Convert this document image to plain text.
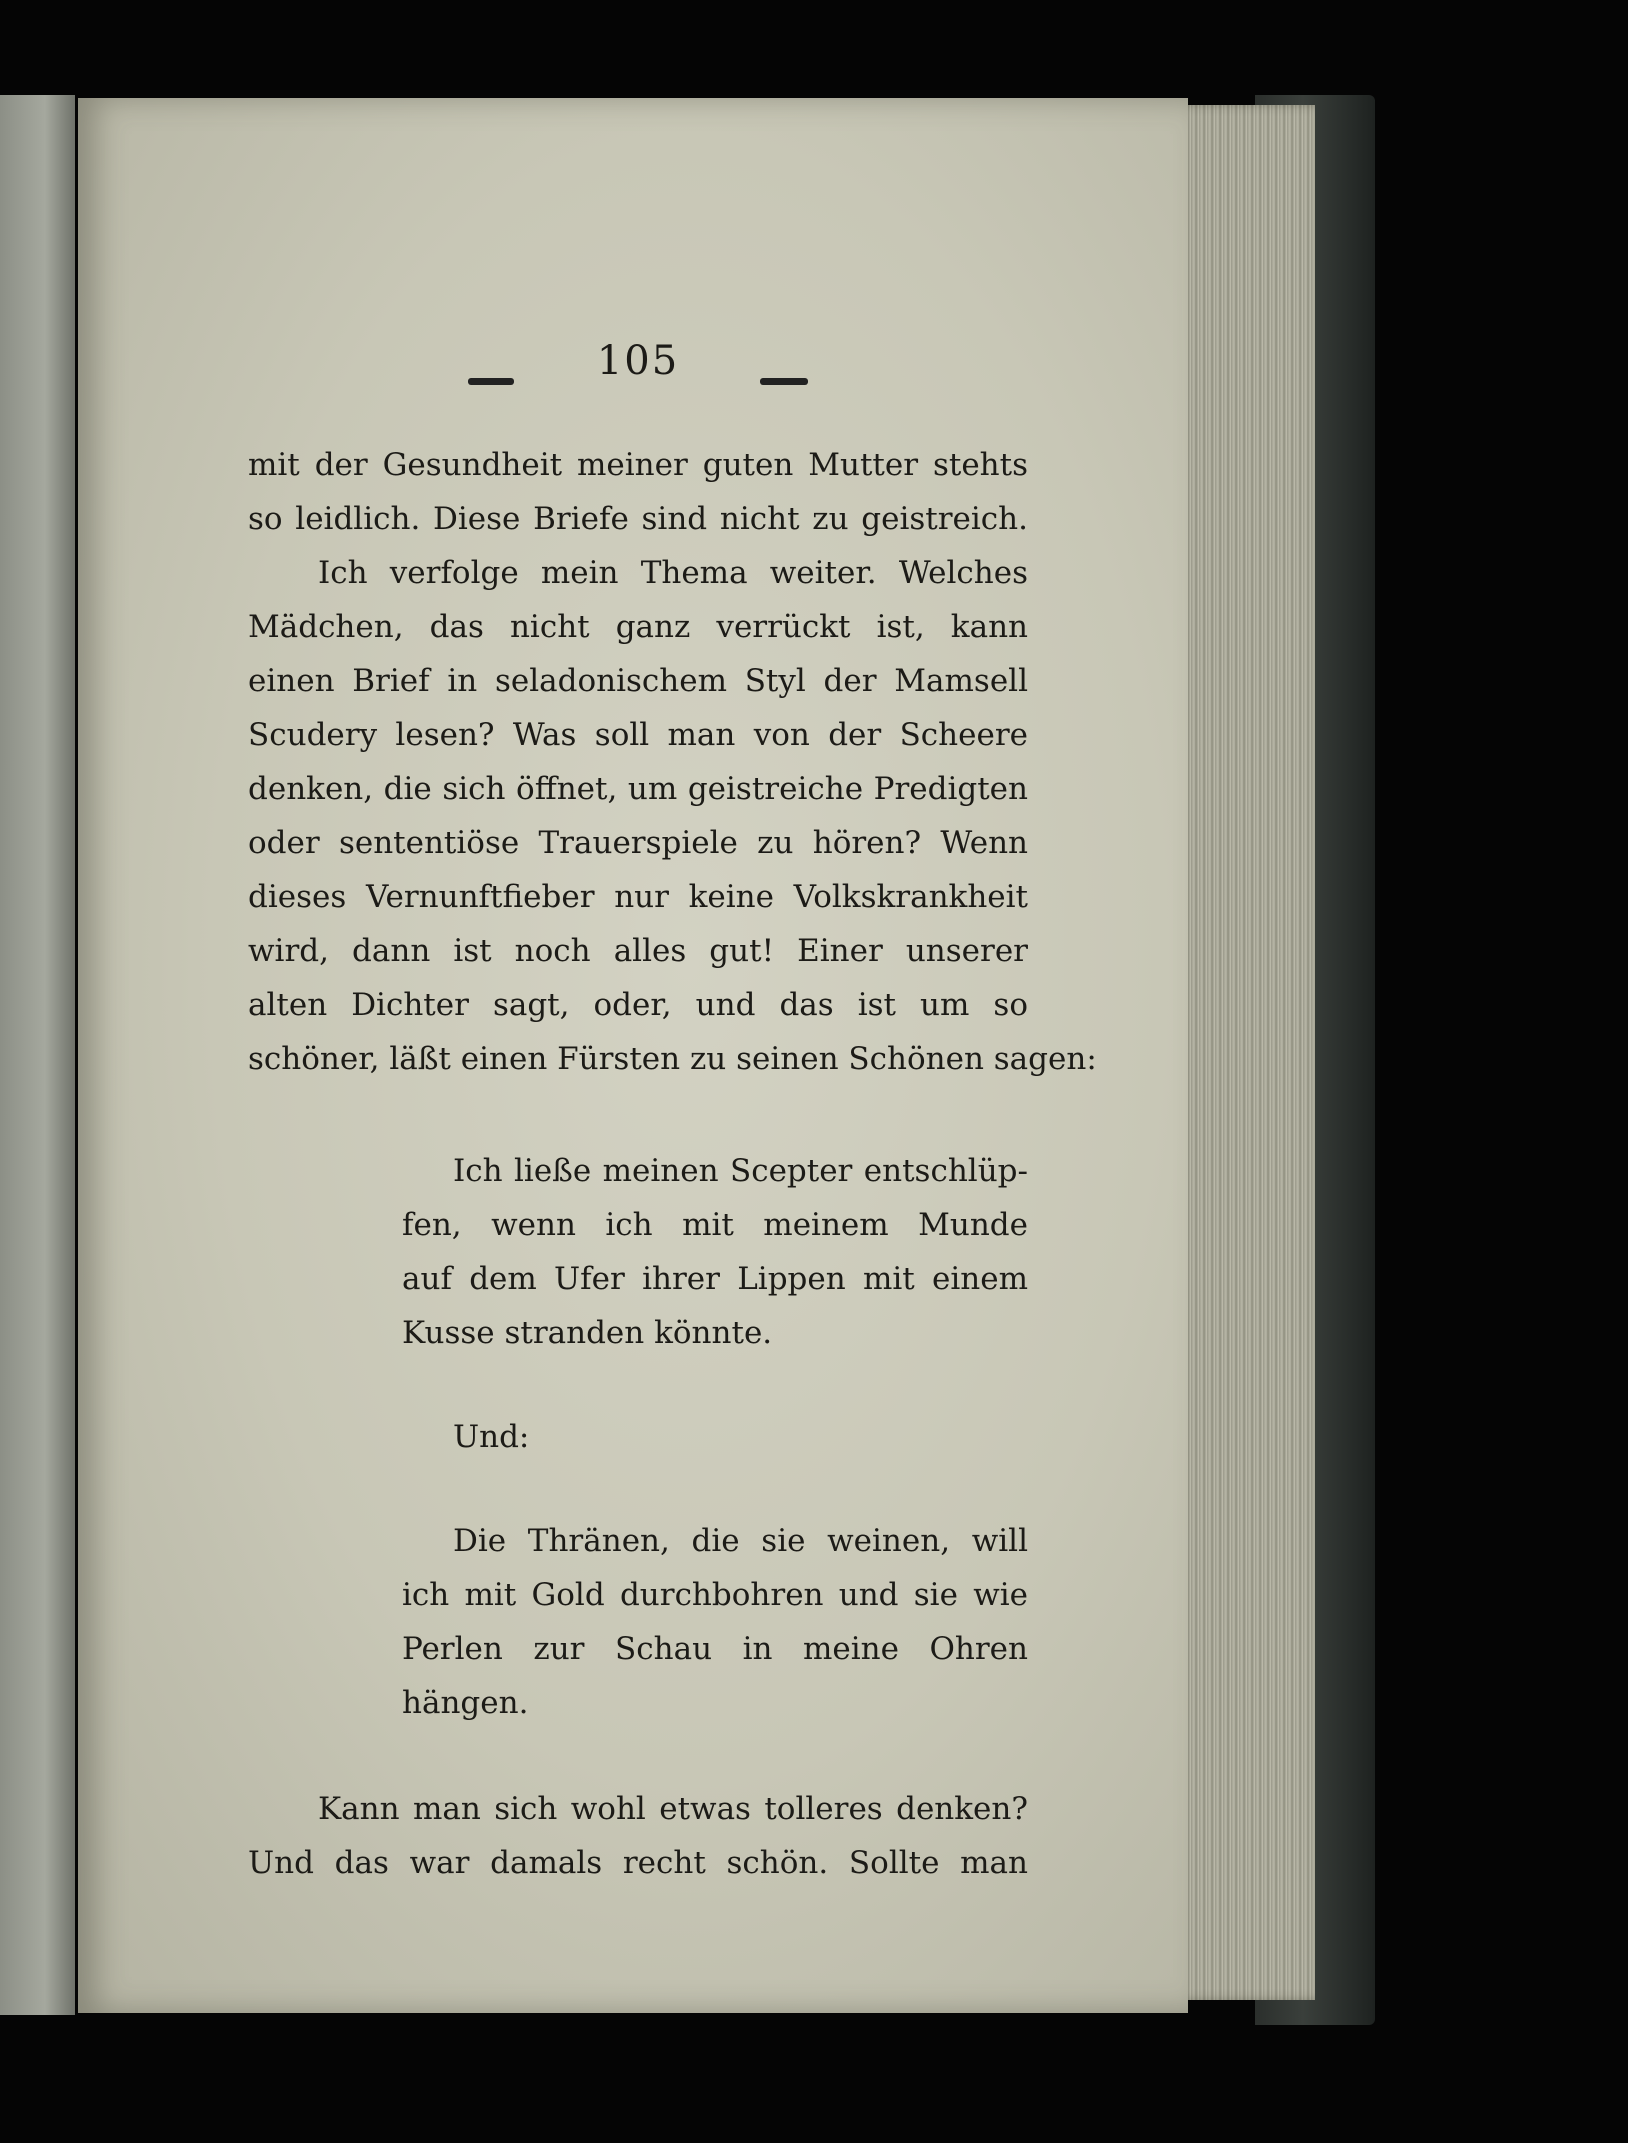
105
mit der Gesundheit meiner guten Mutter stehts
so leidlich. Diese Briefe sind nicht zu geistreich.
Ich verfolge mein Thema weiter. Welches
Mädchen, das nicht ganz verrückt ist, kann
einen Brief in seladonischem Styl der Mamsell
Scudery lesen? Was soll man von der Scheere
denken, die sich öffnet, um geistreiche Predigten
oder sententiöse Trauerspiele zu hören? Wenn
dieses Vernunftfieber nur keine Volkskrankheit
wird, dann ist noch alles gut! Einer unserer
alten Dichter sagt, oder, und das ist um so
schöner, läßt einen Fürsten zu seinen Schönen sagen:
Ich ließe meinen Scepter entschlüp-
fen, wenn ich mit meinem Munde
auf dem Ufer ihrer Lippen mit einem
Kusse stranden könnte.
Und:
Die Thränen, die sie weinen, will
ich mit Gold durchbohren und sie wie
Perlen zur Schau in meine Ohren
hängen.
Kann man sich wohl etwas tolleres denken?
Und das war damals recht schön. Sollte man
